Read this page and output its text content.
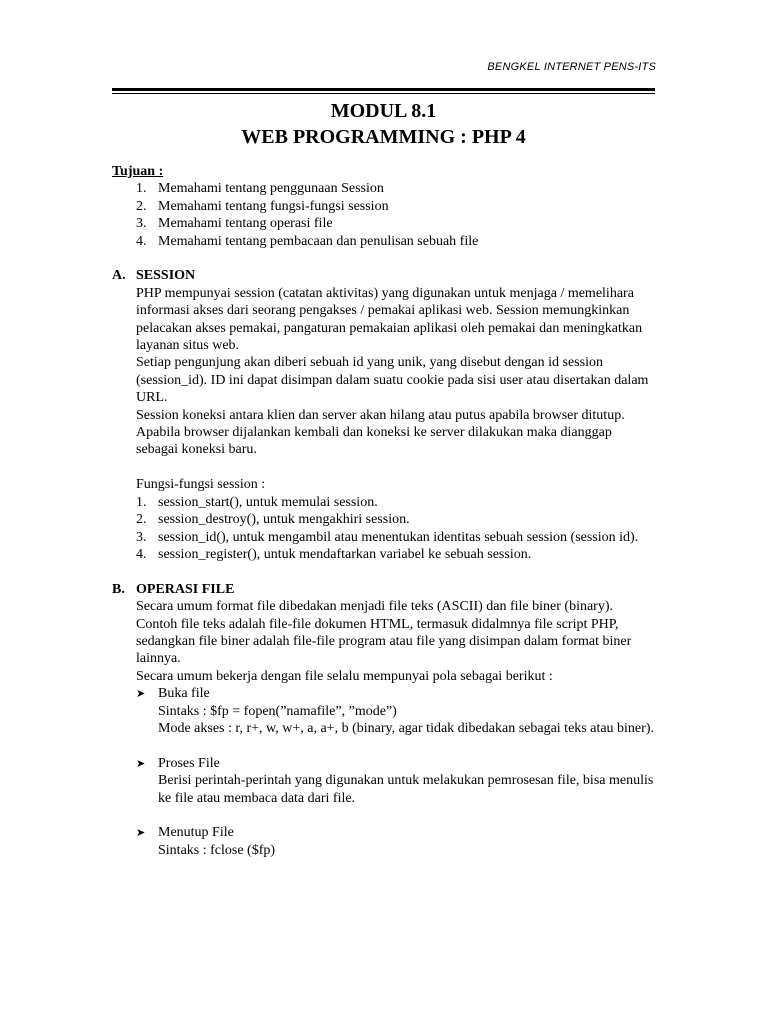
BENGKEL INTERNET PENS-ITS
MODUL 8.1
WEB PROGRAMMING : PHP 4
Tujuan :
1. Memahami tentang penggunaan Session
2. Memahami tentang fungsi-fungsi session
3. Memahami tentang operasi file
4. Memahami tentang pembacaan dan penulisan sebuah file
A. SESSION
PHP mempunyai session (catatan aktivitas) yang digunakan untuk menjaga / memelihara informasi akses dari seorang pengakses / pemakai aplikasi web. Session memungkinkan pelacakan akses pemakai, pangaturan pemakaian aplikasi oleh pemakai dan meningkatkan layanan situs web.
Setiap pengunjung akan diberi sebuah id yang unik, yang disebut dengan id session (session_id). ID ini dapat disimpan dalam suatu cookie pada sisi user atau disertakan dalam URL.
Session koneksi antara klien dan server akan hilang atau putus apabila browser ditutup. Apabila browser dijalankan kembali dan koneksi ke server dilakukan maka dianggap sebagai koneksi baru.
Fungsi-fungsi session :
1. session_start(), untuk memulai session.
2. session_destroy(), untuk mengakhiri session.
3. session_id(), untuk mengambil atau menentukan identitas sebuah session (session id).
4. session_register(), untuk mendaftarkan variabel ke sebuah session.
B. OPERASI FILE
Secara umum format file dibedakan menjadi file teks (ASCII) dan file biner (binary). Contoh file teks adalah file-file dokumen HTML, termasuk didalmnya file script PHP, sedangkan file biner adalah file-file program atau file yang disimpan dalam format biner lainnya.
Secara umum bekerja dengan file selalu mempunyai pola sebagai berikut :
➤ Buka file
Sintaks : $fp = fopen(”namafile”, ”mode”)
Mode akses : r, r+, w, w+, a, a+, b (binary, agar tidak dibedakan sebagai teks atau biner).
➤ Proses File
Berisi perintah-perintah yang digunakan untuk melakukan pemrosesan file, bisa menulis ke file atau membaca data dari file.
➤ Menutup File
Sintaks : fclose ($fp)
